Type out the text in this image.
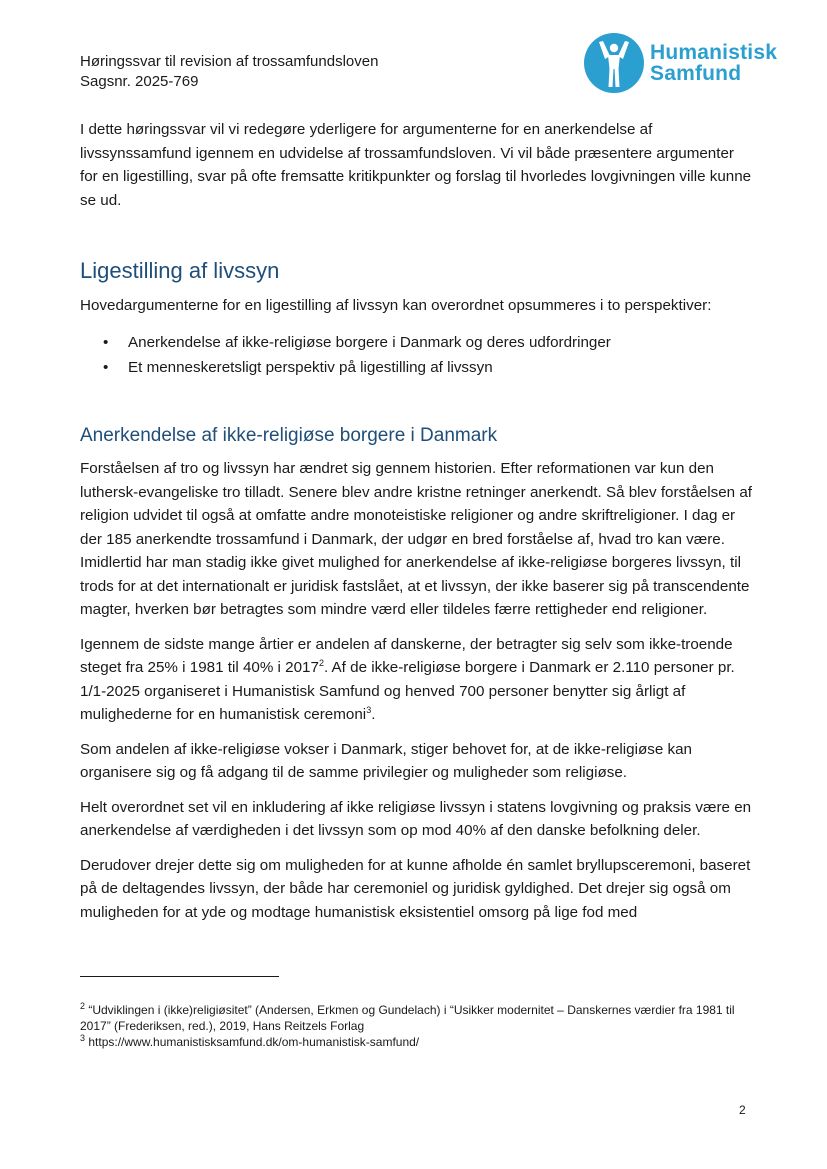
Høringssvar til revision af trossamfundsloven
Sagsnr. 2025-769
Humanistisk
Samfund

I dette høringssvar vil vi redegøre yderligere for argumenterne for en anerkendelse af livssynssamfund igennem en udvidelse af trossamfundsloven. Vi vil både præsentere argumenter for en ligestilling, svar på ofte fremsatte kritikpunkter og forslag til hvorledes lovgivningen ville kunne se ud.

Ligestilling af livssyn

Hovedargumenterne for en ligestilling af livssyn kan overordnet opsummeres i to perspektiver:

• Anerkendelse af ikke-religiøse borgere i Danmark og deres udfordringer
• Et menneskeretsligt perspektiv på ligestilling af livssyn
Anerkendelse af ikke-religiøse borgere i Danmark

Forståelsen af tro og livssyn har ændret sig gennem historien. Efter reformationen var kun den luthersk-evangeliske tro tilladt. Senere blev andre kristne retninger anerkendt. Så blev forståelsen af religion udvidet til også at omfatte andre monoteistiske religioner og andre skriftreligioner. I dag er der 185 anerkendte trossamfund i Danmark, der udgør en bred forståelse af, hvad tro kan være. Imidlertid har man stadig ikke givet mulighed for anerkendelse af ikke-religiøse borgeres livssyn, til trods for at det internationalt er juridisk fastslået, at et livssyn, der ikke baserer sig på transcendente magter, hverken bør betragtes som mindre værd eller tildeles færre rettigheder end religioner.

Igennem de sidste mange årtier er andelen af danskerne, der betragter sig selv som ikke-troende steget fra 25% i 1981 til 40% i 2017$^2$. Af de ikke-religiøse borgere i Danmark er 2.110 personer pr. 1/1-2025 organiseret i Humanistisk Samfund og henved 700 personer benytter sig årligt af mulighederne for en humanistisk ceremoni$^3$.

Som andelen af ikke-religiøse vokser i Danmark, stiger behovet for, at de ikke-religiøse kan organisere sig og få adgang til de samme privilegier og muligheder som religiøse.

Helt overordnet set vil en inkludering af ikke religiøse livssyn i statens lovgivning og praksis være en anerkendelse af værdigheden i det livssyn som op mod 40% af den danske befolkning deler.

Derudover drejer dette sig om muligheden for at kunne afholde én samlet bryllupsceremoni, baseret på de deltagendes livssyn, der både har ceremoniel og juridisk gyldighed. Det drejer sig også om muligheden for at yde og modtage humanistisk eksistentiel omsorg på lige fod med

$^2$ “Udviklingen i (ikke)religiøsitet” (Andersen, Erkmen og Gundelach) i “Usikker modernitet – Danskernes værdier fra 1981 til 2017” (Frederiksen, red.), 2019, Hans Reitzels Forlag

$^3$ https://www.humanistisksamfund.dk/om-humanistisk-samfund/

2
